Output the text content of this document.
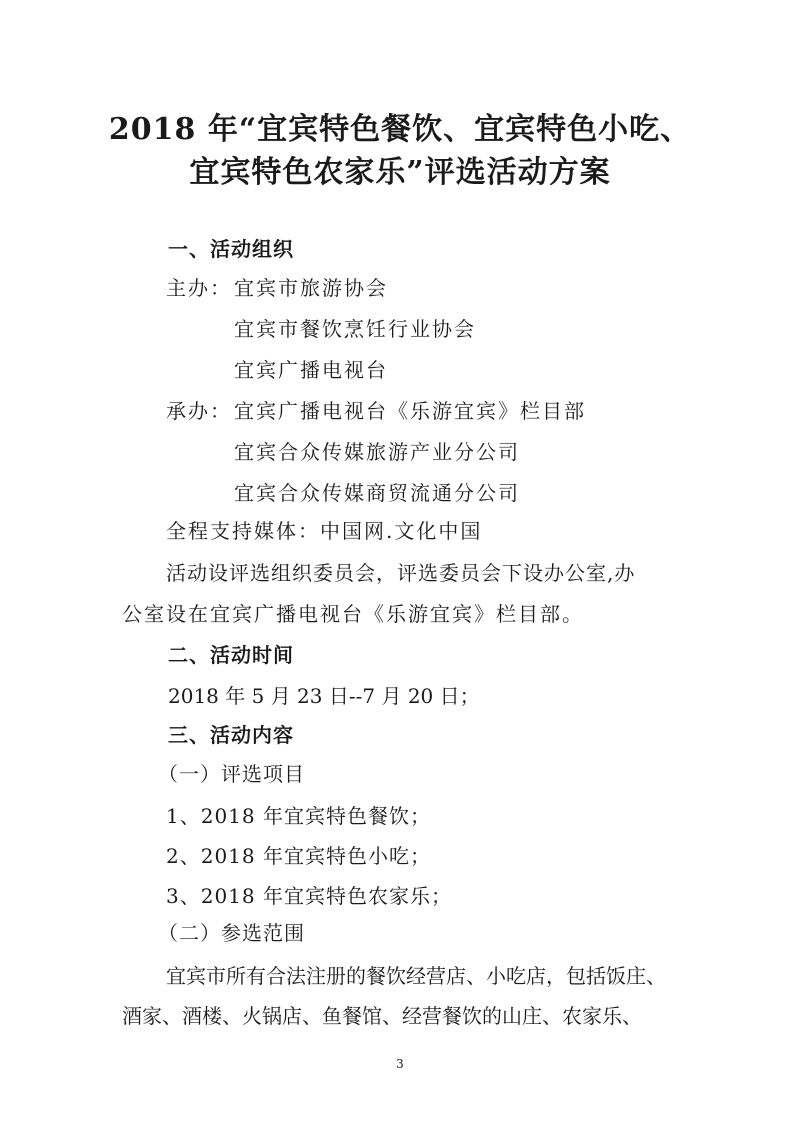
2018 年“宜宾特色餐饮、宜宾特色小吃、
宜宾特色农家乐”评选活动方案
一、活动组织
主办： 宜宾市旅游协会
宜宾市餐饮烹饪行业协会
宜宾广播电视台
承办： 宜宾广播电视台《乐游宜宾》栏目部
宜宾合众传媒旅游产业分公司
宜宾合众传媒商贸流通分公司
全程支持媒体：中国网.文化中国
活动设评选组织委员会，评选委员会下设办公室,办
公室设在宜宾广播电视台《乐游宜宾》栏目部。
二、活动时间
2018 年 5 月 23 日--7 月 20 日；
三、活动内容
（一）评选项目
1、2018 年宜宾特色餐饮；
2、2018 年宜宾特色小吃；
3、2018 年宜宾特色农家乐；
（二）参选范围
宜宾市所有合法注册的餐饮经营店、小吃店，包括饭庄、
酒家、酒楼、火锅店、鱼餐馆、经营餐饮的山庄、农家乐、
3
